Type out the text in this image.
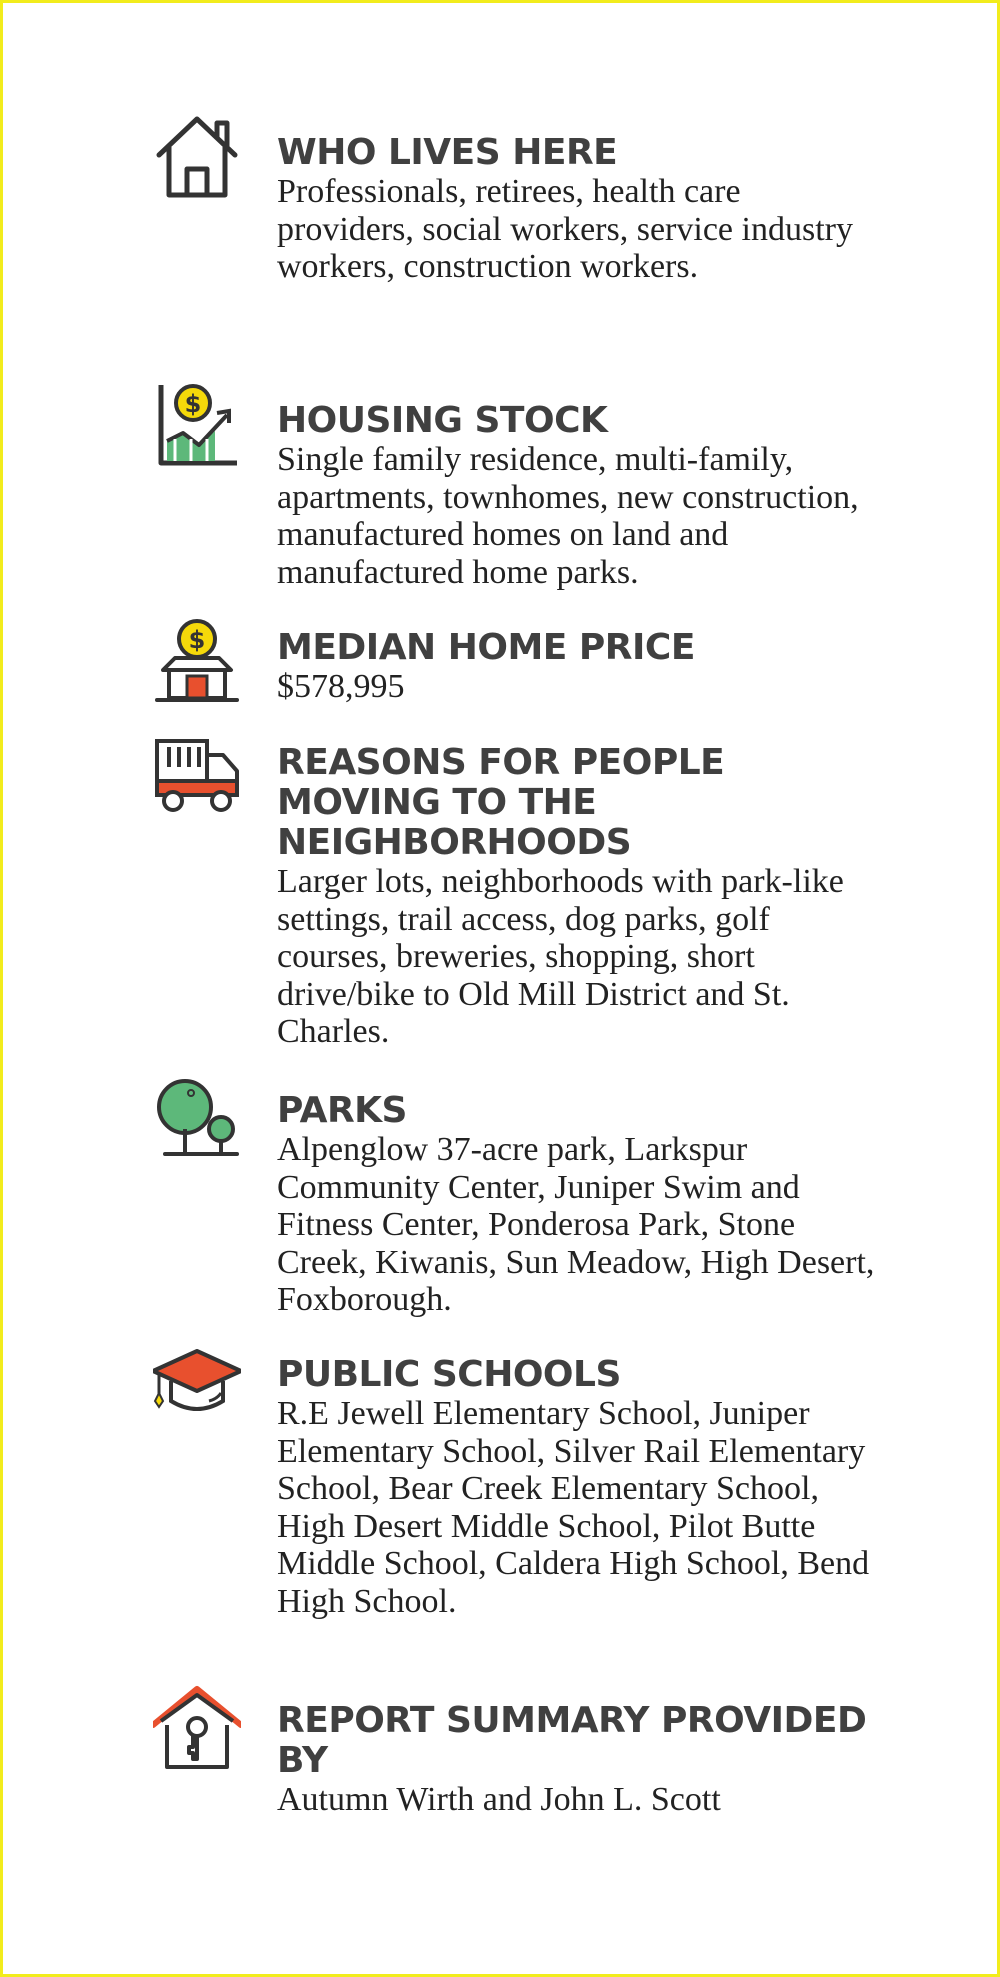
WHO LIVES HERE
Professionals, retirees, health care providers, social workers, service industry workers, construction workers.
$ HOUSING STOCK
Single family residence, multi-family, apartments, townhomes, new construction, manufactured homes on land and manufactured home parks.
$ MEDIAN HOME PRICE
$578,995
REASONS FOR PEOPLE MOVING TO THE NEIGHBORHOODS
Larger lots, neighborhoods with park-like settings, trail access, dog parks, golf courses, breweries, shopping, short drive/bike to Old Mill District and St. Charles.
PARKS
Alpenglow 37-acre park, Larkspur Community Center, Juniper Swim and Fitness Center, Ponderosa Park, Stone Creek, Kiwanis, Sun Meadow, High Desert, Foxborough.
PUBLIC SCHOOLS
R.E Jewell Elementary School, Juniper Elementary School, Silver Rail Elementary School, Bear Creek Elementary School, High Desert Middle School, Pilot Butte Middle School, Caldera High School, Bend High School.
REPORT SUMMARY PROVIDED BY
Autumn Wirth and John L. Scott
